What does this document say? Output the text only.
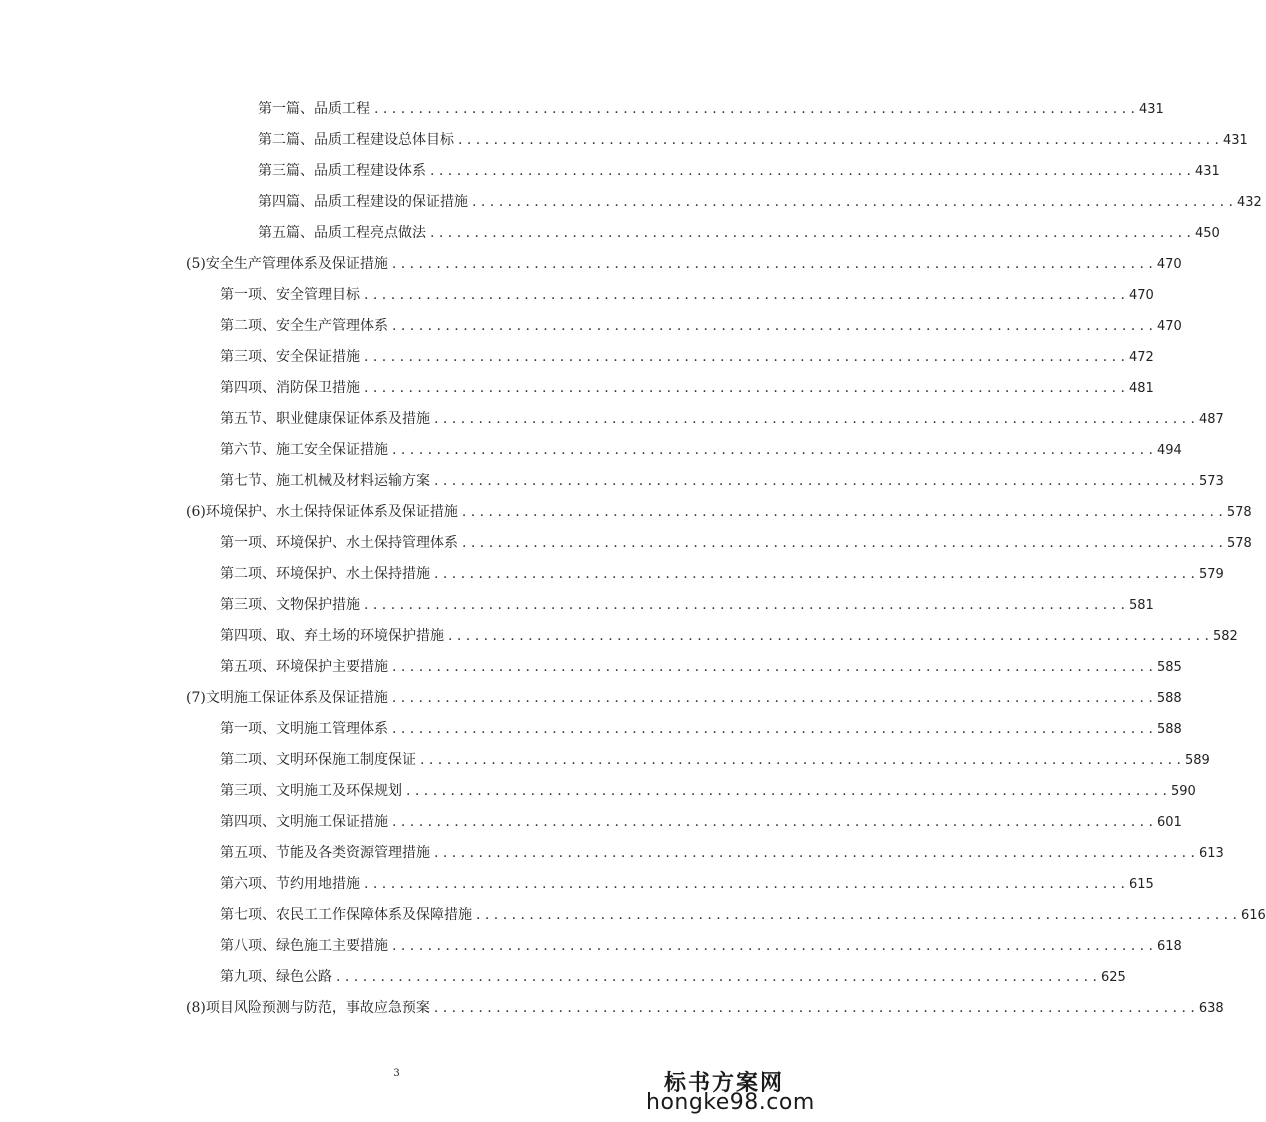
第一篇、品质工程 . . .	431
第二篇、品质工程建设总体目标 . . .	431
第三篇、品质工程建设体系 . . .	431
第四篇、品质工程建设的保证措施 . . .	432
第五篇、品质工程亮点做法 . . .	450
(5)安全生产管理体系及保证措施 . . .	470
第一项、安全管理目标 . . .	470
第二项、安全生产管理体系 . . .	470
第三项、安全保证措施 . . .	472
第四项、消防保卫措施 . . .	481
第五节、职业健康保证体系及措施 . . .	487
第六节、施工安全保证措施 . . .	494
第七节、施工机械及材料运输方案 . . .	573
(6)环境保护、水土保持保证体系及保证措施 . . .	578
第一项、环境保护、水土保持管理体系 . . .	578
第二项、环境保护、水土保持措施 . . .	579
第三项、文物保护措施 . . .	581
第四项、取、弃土场的环境保护措施 . . .	582
第五项、环境保护主要措施 . . .	585
(7)文明施工保证体系及保证措施 . . .	588
第一项、文明施工管理体系 . . .	588
第二项、文明环保施工制度保证 . . .	589
第三项、文明施工及环保规划 . . .	590
第四项、文明施工保证措施 . . .	601
第五项、节能及各类资源管理措施 . . .	613
第六项、节约用地措施 . . .	615
第七项、农民工工作保障体系及保障措施 . . .	616
第八项、绿色施工主要措施 . . .	618
第九项、绿色公路 . . .	625
(8)项目风险预测与防范，事故应急预案 . . .	638
3	标书方案网
hongke98.com
